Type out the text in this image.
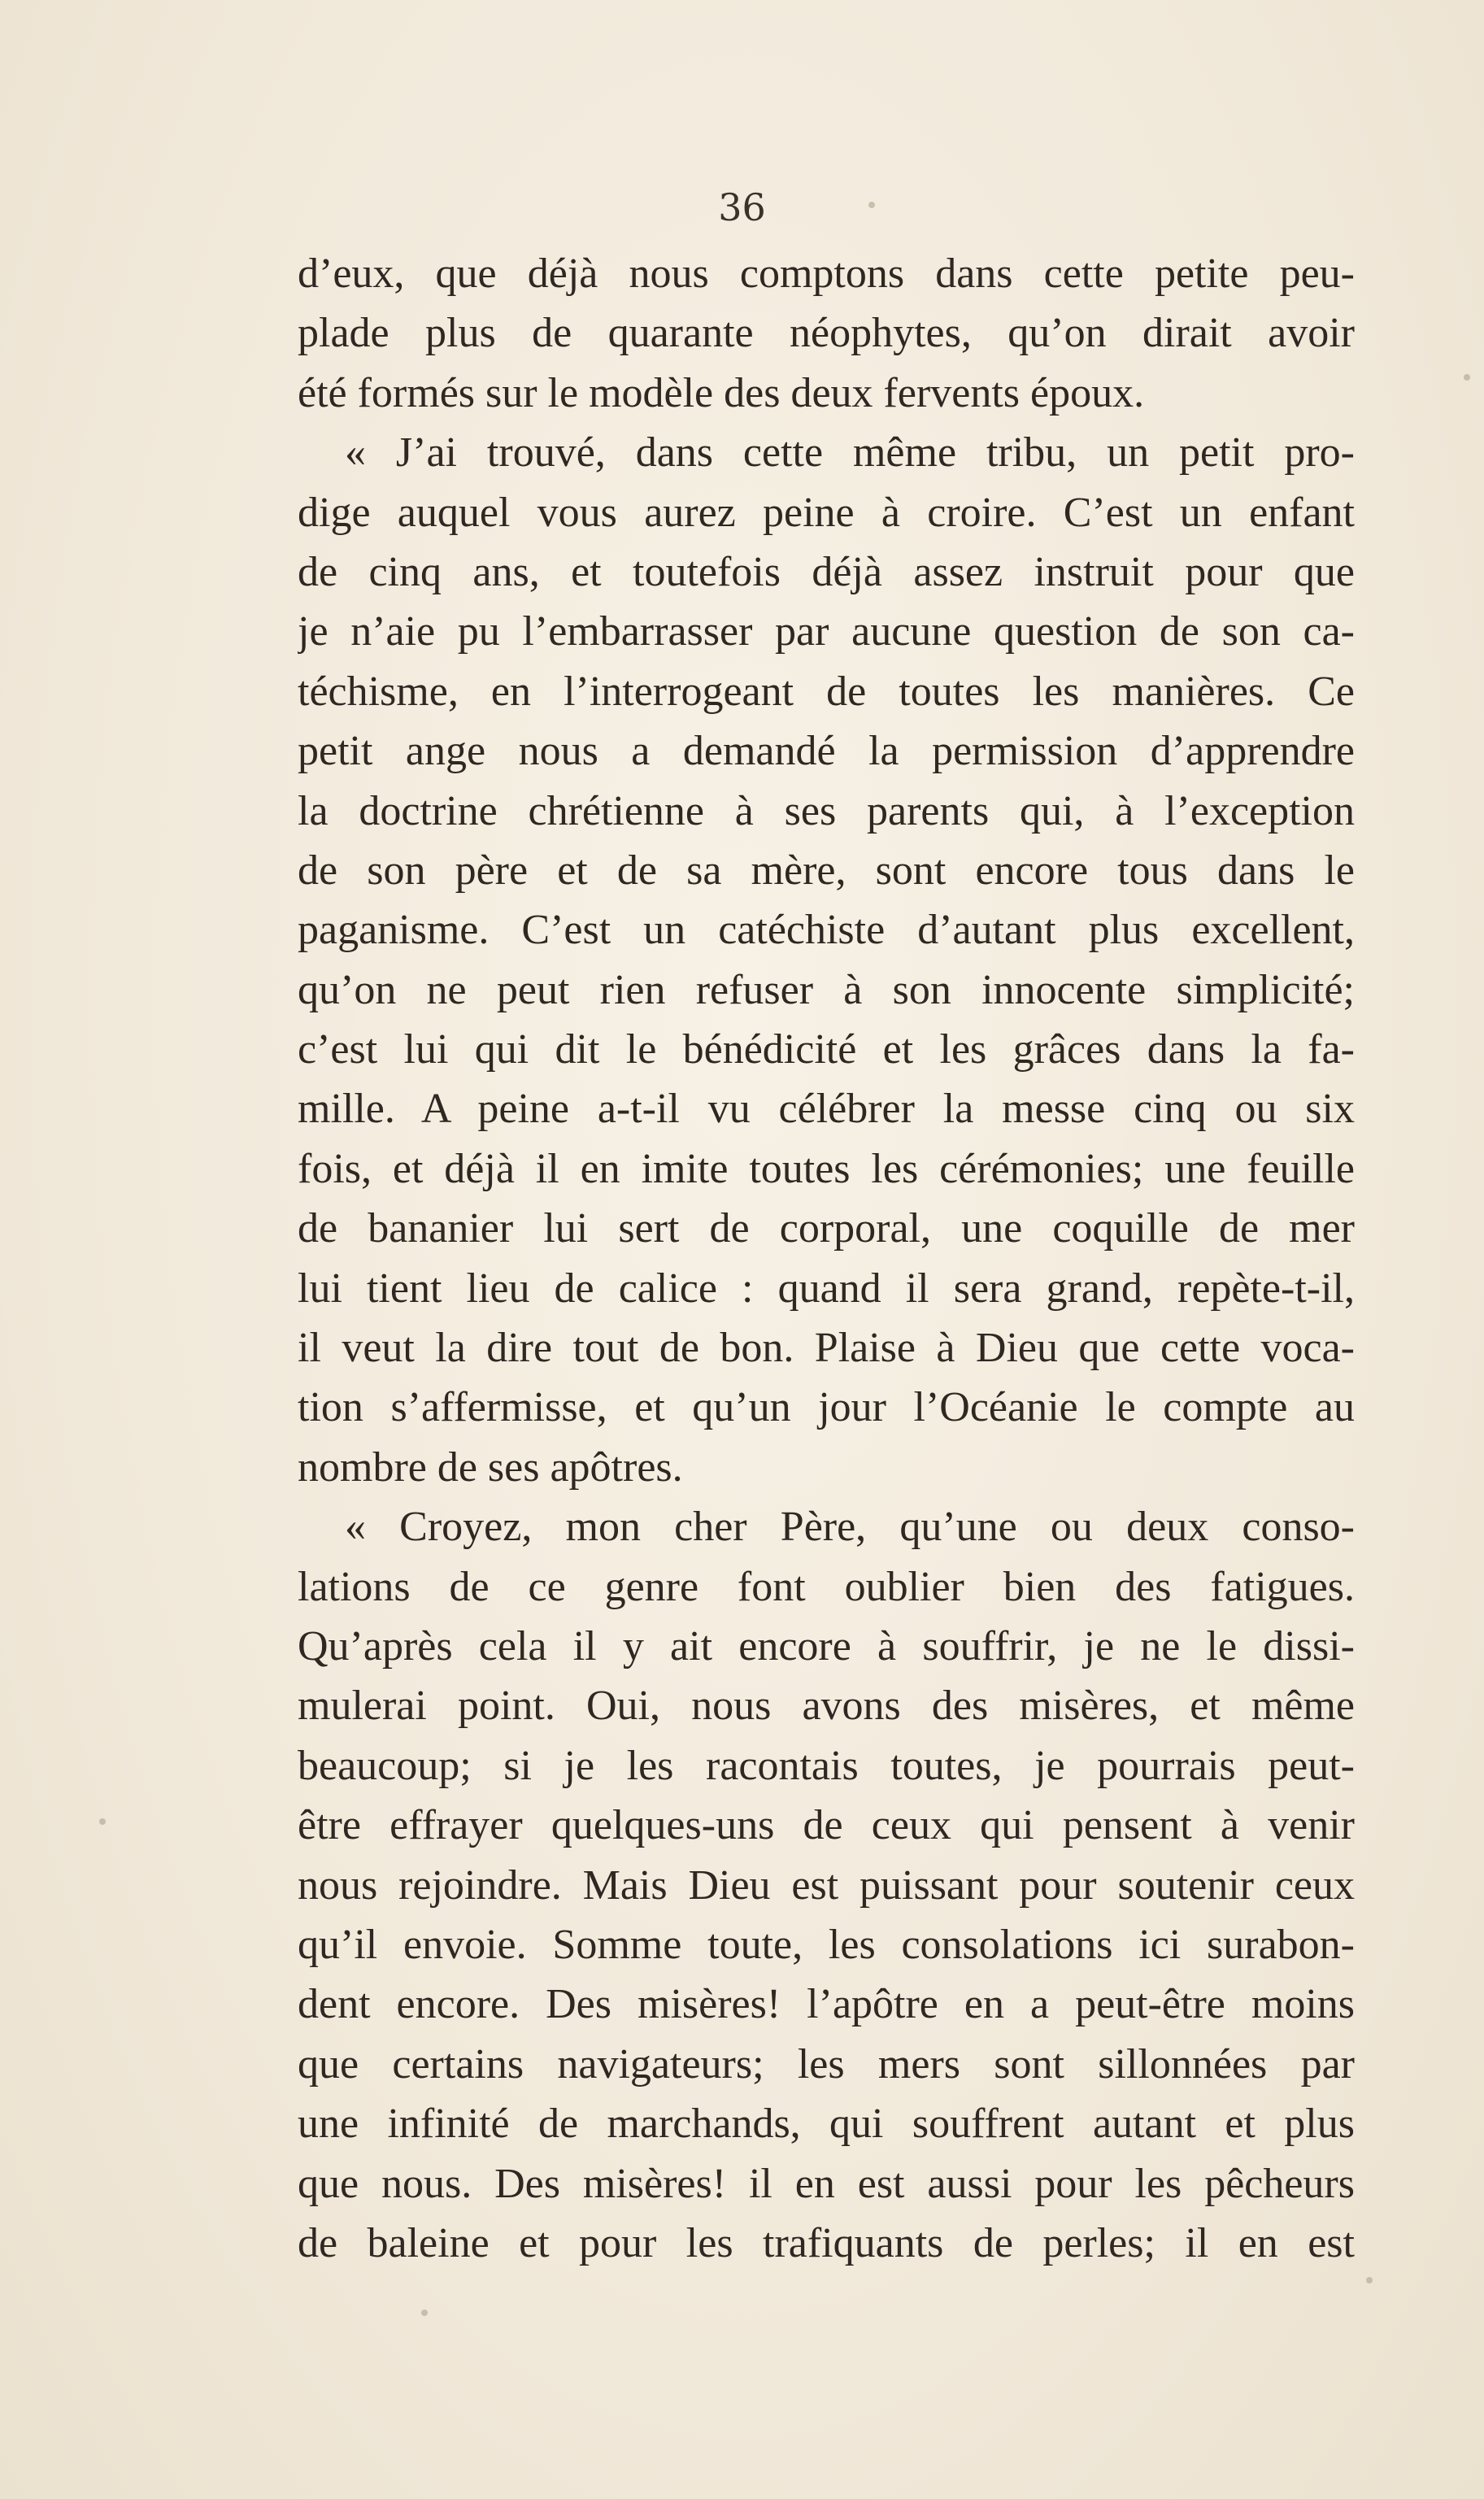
36
d’eux, que déjà nous comptons dans cette petite peu-
plade plus de quarante néophytes, qu’on dirait avoir
été formés sur le modèle des deux fervents époux.
« J’ai trouvé, dans cette même tribu, un petit pro-
dige auquel vous aurez peine à croire. C’est un enfant
de cinq ans, et toutefois déjà assez instruit pour que
je n’aie pu l’embarrasser par aucune question de son ca-
téchisme, en l’interrogeant de toutes les manières. Ce
petit ange nous a demandé la permission d’apprendre
la doctrine chrétienne à ses parents qui, à l’exception
de son père et de sa mère, sont encore tous dans le
paganisme. C’est un catéchiste d’autant plus excellent,
qu’on ne peut rien refuser à son innocente simplicité;
c’est lui qui dit le bénédicité et les grâces dans la fa-
mille. A peine a-t-il vu célébrer la messe cinq ou six
fois, et déjà il en imite toutes les cérémonies; une feuille
de bananier lui sert de corporal, une coquille de mer
lui tient lieu de calice : quand il sera grand, repète-t-il,
il veut la dire tout de bon. Plaise à Dieu que cette voca-
tion s’affermisse, et qu’un jour l’Océanie le compte au
nombre de ses apôtres.
« Croyez, mon cher Père, qu’une ou deux conso-
lations de ce genre font oublier bien des fatigues.
Qu’après cela il y ait encore à souffrir, je ne le dissi-
mulerai point. Oui, nous avons des misères, et même
beaucoup; si je les racontais toutes, je pourrais peut-
être effrayer quelques-uns de ceux qui pensent à venir
nous rejoindre. Mais Dieu est puissant pour soutenir ceux
qu’il envoie. Somme toute, les consolations ici surabon-
dent encore. Des misères! l’apôtre en a peut-être moins
que certains navigateurs; les mers sont sillonnées par
une infinité de marchands, qui souffrent autant et plus
que nous. Des misères! il en est aussi pour les pêcheurs
de baleine et pour les trafiquants de perles; il en est
